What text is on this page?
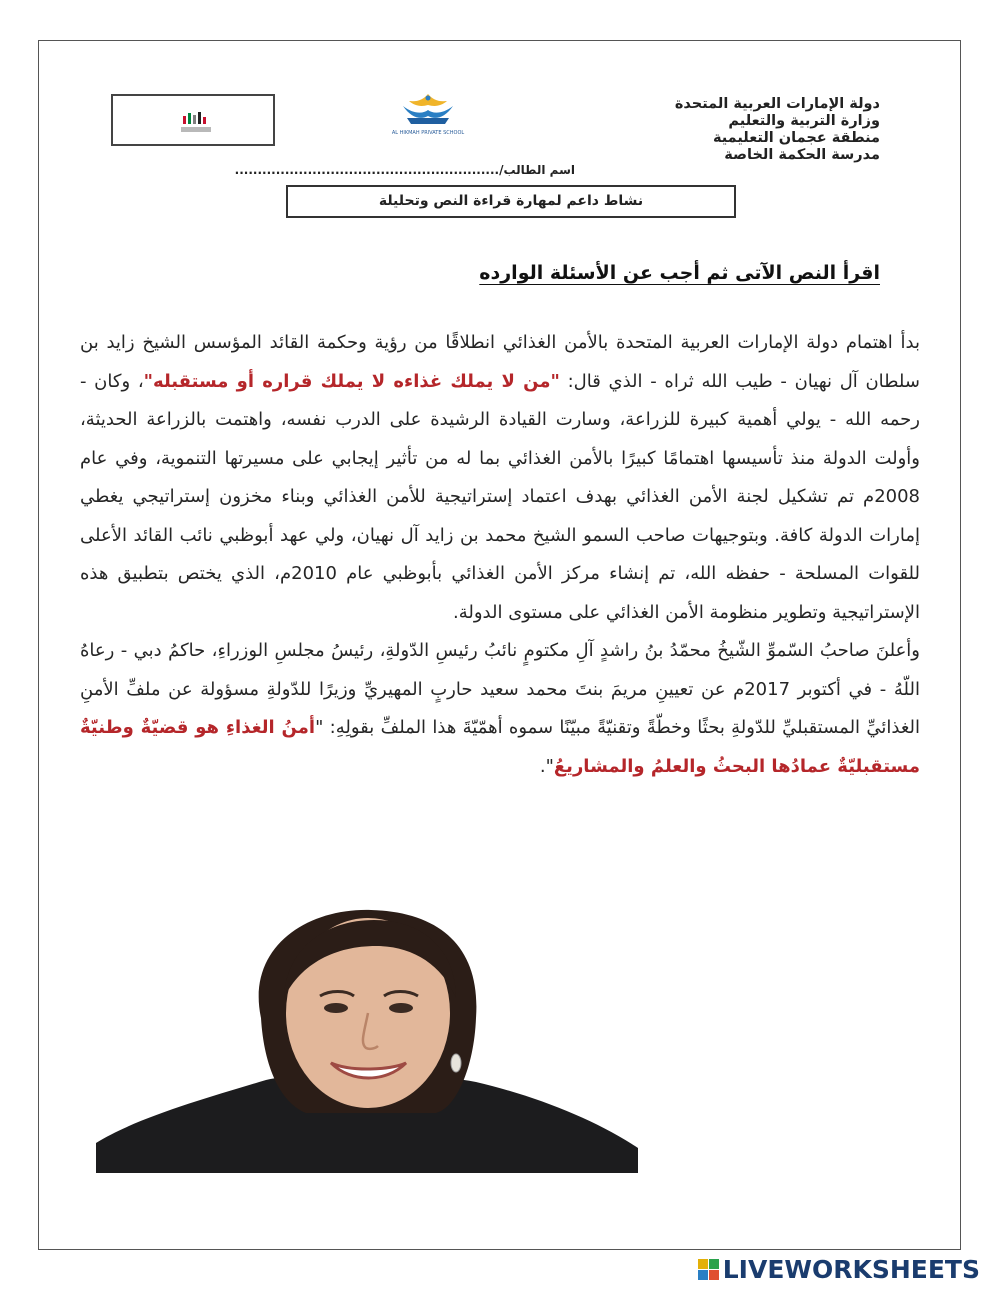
AL HIKMAH PRIVATE SCHOOL
دولة الإمارات العربية المتحدة
وزارة التربية والتعليم
منطقة عجمان التعليمية
مدرسة الحكمة الخاصة
اسم الطالب/..........................................................
نشاط داعم لمهارة قراءة النص وتحليلة
اقرأ النص الآتى ثم أجب عن الأسئلة الوارده

بدأ اهتمام دولة الإمارات العربية المتحدة بالأمن الغذائي انطلاقًا من رؤية وحكمة القائد المؤسس الشيخ زايد بن سلطان آل نهيان - طيب الله ثراه - الذي قال: "من لا يملك غذاءه لا يملك قراره أو مستقبله"، وكان - رحمه الله - يولي أهمية كبيرة للزراعة، وسارت القيادة الرشيدة على الدرب نفسه، واهتمت بالزراعة الحديثة، وأولت الدولة منذ تأسيسها اهتمامًا كبيرًا بالأمن الغذائي بما له من تأثير إيجابي على مسيرتها التنموية، وفي عام 2008م تم تشكيل لجنة الأمن الغذائي بهدف اعتماد إستراتيجية للأمن الغذائي وبناء مخزون إستراتيجي يغطي إمارات الدولة كافة. وبتوجيهات صاحب السمو الشيخ محمد بن زايد آل نهيان، ولي عهد أبوظبي نائب القائد الأعلى للقوات المسلحة - حفظه الله، تم إنشاء مركز الأمن الغذائي بأبوظبي عام 2010م، الذي يختص بتطبيق هذه الإستراتيجية وتطوير منظومة الأمن الغذائي على مستوى الدولة.

وأعلنَ صاحبُ السّموِّ الشّيخُ محمّدُ بنُ راشدٍ آلِ مكتومٍ نائبُ رئيسِ الدّولةِ، رئيسُ مجلسِ الوزراءِ، حاكمُ دبي - رعاهُ اللّهُ - في أكتوبر 2017م عن تعيينِ مريمَ بنتَ محمد سعيد حاربٍ المهيريِّ وزيرًا للدّولةِ مسؤولة عن ملفِّ الأمنِ الغذائيِّ المستقبليِّ للدّولةِ بحثًا وخطّةً وتقنيّةً مبيّنًا سموه أهمّيّةَ هذا الملفِّ بقولِهِ: "أمنُ الغذاءِ هو قضيّةٌ وطنيّةٌ مستقبليّةٌ عمادُها البحثُ والعلمُ والمشاريعُ".

LIVEWORKSHEETS
